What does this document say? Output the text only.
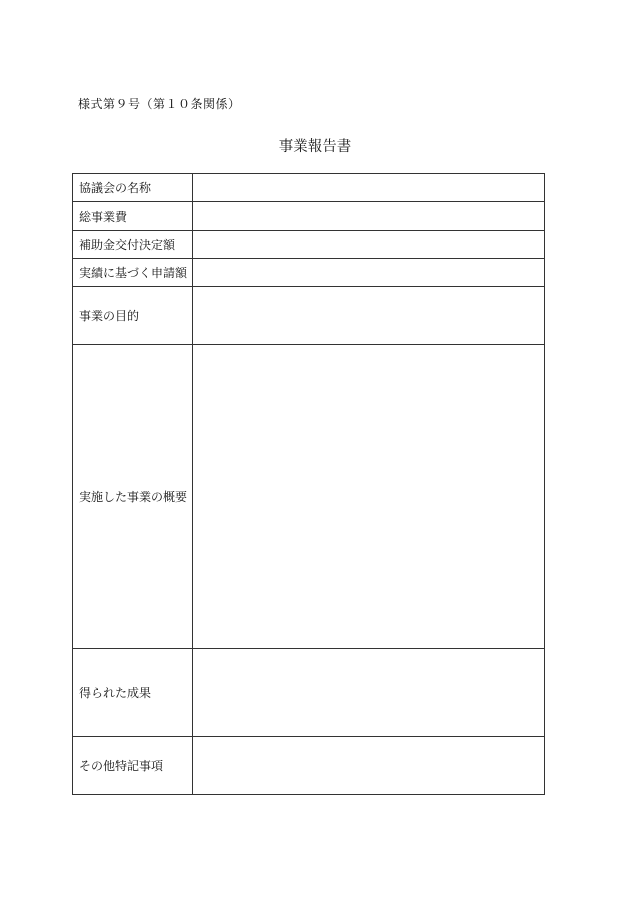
様式第９号（第１０条関係）
事業報告書
協議会の名称	
総事業費	
補助金交付決定額	
実績に基づく申請額	
事業の目的	
実施した事業の概要	
得られた成果	
その他特記事項	
